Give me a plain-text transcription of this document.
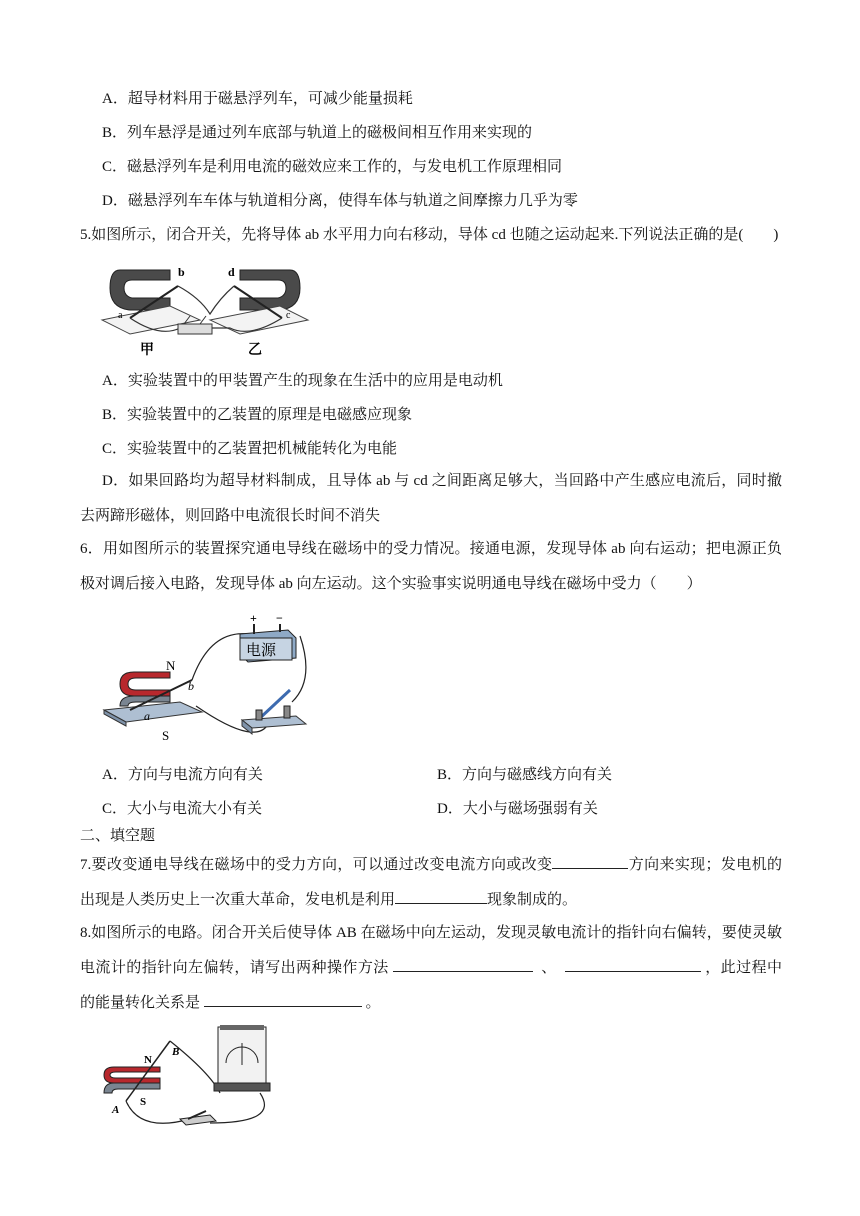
A．超导材料用于磁悬浮列车，可减少能量损耗
B．列车悬浮是通过列车底部与轨道上的磁极间相互作用来实现的
C．磁悬浮列车是利用电流的磁效应来工作的，与发电机工作原理相同
D．磁悬浮列车车体与轨道相分离，使得车体与轨道之间摩擦力几乎为零
5.如图所示，闭合开关，先将导体 ab 水平用力向右移动，导体 cd 也随之运动起来.下列说法正确的是(　　)
b	d
a	c
甲	乙
A．实验装置中的甲装置产生的现象在生活中的应用是电动机
B．实验装置中的乙装置的原理是电磁感应现象
C．实验装置中的乙装置把机械能转化为电能
D．如果回路均为超导材料制成，且导体 ab 与 cd 之间距离足够大，当回路中产生感应电流后，同时撤去两蹄形磁体，则回路中电流很长时间不消失
6．用如图所示的装置探究通电导线在磁场中的受力情况。接通电源，发现导体 ab 向右运动；把电源正负极对调后接入电路，发现导体 ab 向左运动。这个实验事实说明通电导线在磁场中受力（　　）
+ −
电源
N
S
a
b
A．方向与电流方向有关	B．方向与磁感线方向有关
C．大小与电流大小有关	D．大小与磁场强弱有关
二、填空题
7.要改变通电导线在磁场中的受力方向，可以通过改变电流方向或改变	方向来实现；发电机的出现是人类历史上一次重大革命，发电机是利用	现象制成的。
8.如图所示的电路。闭合开关后使导体 AB 在磁场中向左运动，发现灵敏电流计的指针向右偏转，要使灵敏电流计的指针向左偏转，请写出两种操作方法	、	，此过程中的能量转化关系是	。
N
B
A
S
